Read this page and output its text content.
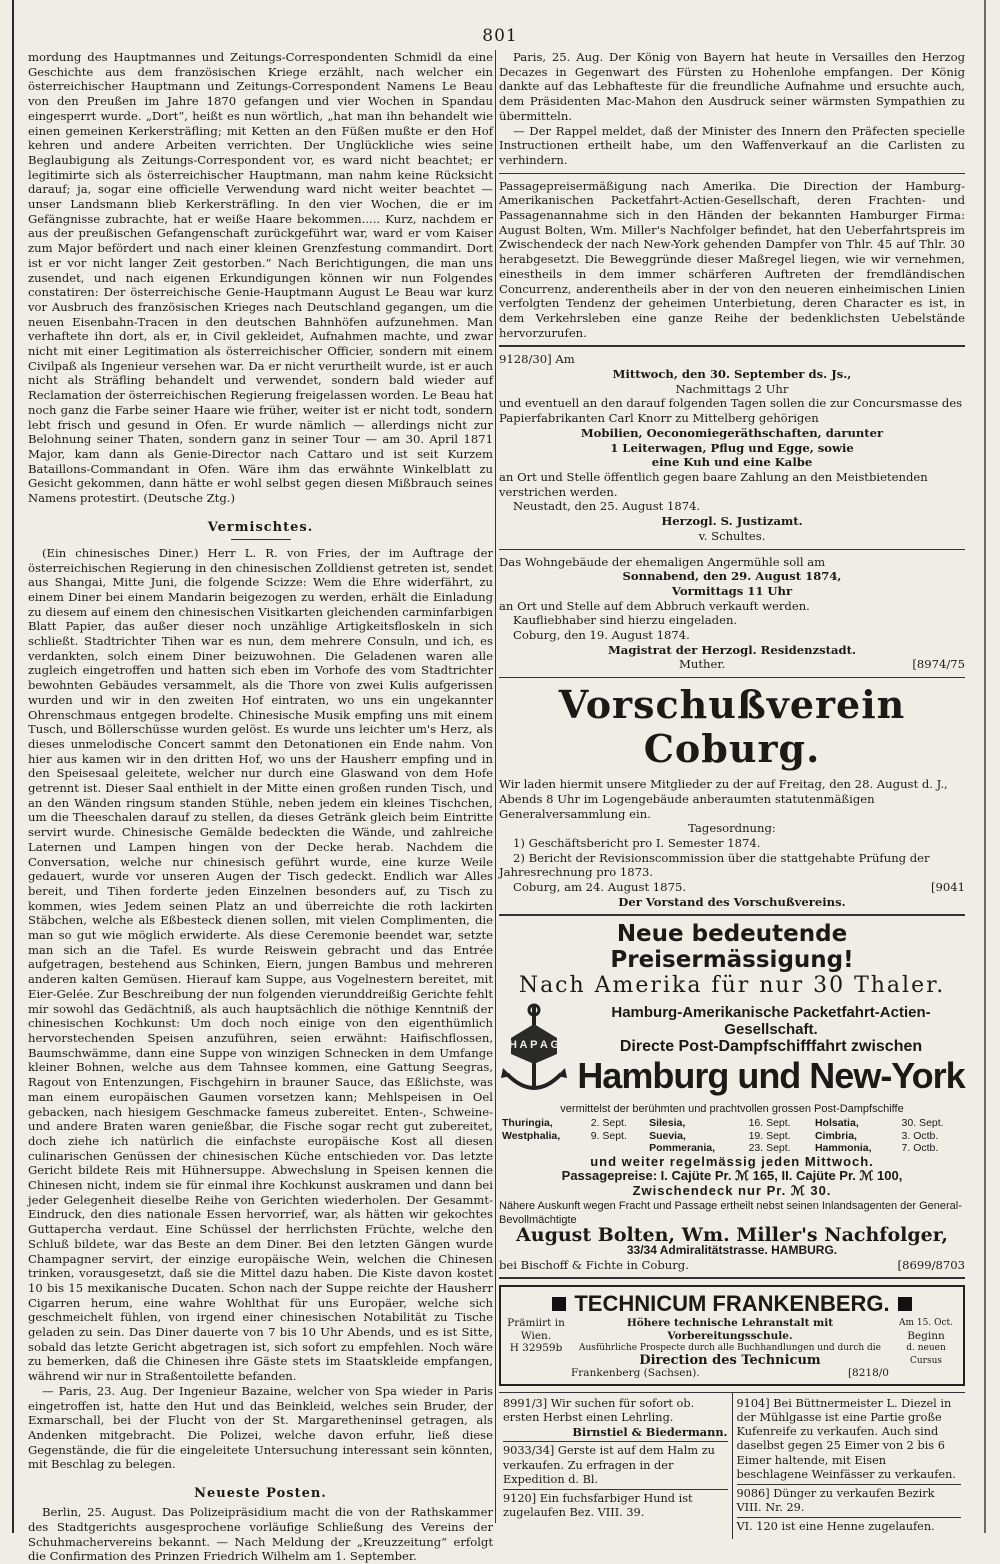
801

mordung des Hauptmannes und Zeitungs-Correspondenten Schmidl da eine Geschichte aus dem französischen Kriege erzählt, nach welcher ein österreichischer Hauptmann und Zeitungs-Correspondent Namens Le Beau von den Preußen im Jahre 1870 gefangen und vier Wochen in Spandau eingesperrt wurde. „Dort“, heißt es nun wörtlich, „hat man ihn behandelt wie einen gemeinen Kerkersträfling; mit Ketten an den Füßen mußte er den Hof kehren und andere Arbeiten verrichten. Der Unglückliche wies seine Beglaubigung als Zeitungs-Correspondent vor, es ward nicht beachtet; er legitimirte sich als österreichischer Hauptmann, man nahm keine Rücksicht darauf; ja, sogar eine officielle Verwendung ward nicht weiter beachtet — unser Landsmann blieb Kerkersträfling. In den vier Wochen, die er im Gefängnisse zubrachte, hat er weiße Haare bekommen..... Kurz, nachdem er aus der preußischen Gefangenschaft zurückgeführt war, ward er vom Kaiser zum Major befördert und nach einer kleinen Grenzfestung commandirt. Dort ist er vor nicht langer Zeit gestorben.“ Nach Berichtigungen, die man uns zusendet, und nach eigenen Erkundigungen können wir nun Folgendes constatiren: Der österreichische Genie-Hauptmann August Le Beau war kurz vor Ausbruch des französischen Krieges nach Deutschland gegangen, um die neuen Eisenbahn-Tracen in den deutschen Bahnhöfen aufzunehmen. Man verhaftete ihn dort, als er, in Civil gekleidet, Aufnahmen machte, und zwar nicht mit einer Legitimation als österreichischer Officier, sondern mit einem Civilpaß als Ingenieur versehen war. Da er nicht verurtheilt wurde, ist er auch nicht als Sträfling behandelt und verwendet, sondern bald wieder auf Reclamation der österreichischen Regierung freigelassen worden. Le Beau hat noch ganz die Farbe seiner Haare wie früher, weiter ist er nicht todt, sondern lebt frisch und gesund in Ofen. Er wurde nämlich — allerdings nicht zur Belohnung seiner Thaten, sondern ganz in seiner Tour — am 30. April 1871 Major, kam dann als Genie-Director nach Cattaro und ist seit Kurzem Bataillons-Commandant in Ofen. Wäre ihm das erwähnte Winkelblatt zu Gesicht gekommen, dann hätte er wohl selbst gegen diesen Mißbrauch seines Namens protestirt. (Deutsche Ztg.)

Vermischtes.

(Ein chinesisches Diner.) Herr L. R. von Fries, der im Auftrage der österreichischen Regierung in den chinesischen Zolldienst getreten ist, sendet aus Shangai, Mitte Juni, die folgende Scizze: Wem die Ehre widerfährt, zu einem Diner bei einem Mandarin beigezogen zu werden, erhält die Einladung zu diesem auf einem den chinesischen Visitkarten gleichenden carminfarbigen Blatt Papier, das außer dieser noch unzählige Artigkeitsfloskeln in sich schließt. Stadtrichter Tihen war es nun, dem mehrere Consuln, und ich, es verdankten, solch einem Diner beizuwohnen. Die Geladenen waren alle zugleich eingetroffen und hatten sich eben im Vorhofe des vom Stadtrichter bewohnten Gebäudes versammelt, als die Thore von zwei Kulis aufgerissen wurden und wir in den zweiten Hof eintraten, wo uns ein ungekannter Ohrenschmaus entgegen brodelte. Chinesische Musik empfing uns mit einem Tusch, und Böllerschüsse wurden gelöst. Es wurde uns leichter um's Herz, als dieses unmelodische Concert sammt den Detonationen ein Ende nahm. Von hier aus kamen wir in den dritten Hof, wo uns der Hausherr empfing und in den Speisesaal geleitete, welcher nur durch eine Glaswand von dem Hofe getrennt ist. Dieser Saal enthielt in der Mitte einen großen runden Tisch, und an den Wänden ringsum standen Stühle, neben jedem ein kleines Tischchen, um die Theeschalen darauf zu stellen, da dieses Getränk gleich beim Eintritte servirt wurde. Chinesische Gemälde bedeckten die Wände, und zahlreiche Laternen und Lampen hingen von der Decke herab. Nachdem die Conversation, welche nur chinesisch geführt wurde, eine kurze Weile gedauert, wurde vor unseren Augen der Tisch gedeckt. Endlich war Alles bereit, und Tihen forderte jeden Einzelnen besonders auf, zu Tisch zu kommen, wies Jedem seinen Platz an und überreichte die roth lackirten Stäbchen, welche als Eßbesteck dienen sollen, mit vielen Complimenten, die man so gut wie möglich erwiderte. Als diese Ceremonie beendet war, setzte man sich an die Tafel. Es wurde Reiswein gebracht und das Entrée aufgetragen, bestehend aus Schinken, Eiern, jungen Bambus und mehreren anderen kalten Gemüsen. Hierauf kam Suppe, aus Vogelnestern bereitet, mit Eier-Gelée. Zur Beschreibung der nun folgenden vierunddreißig Gerichte fehlt mir sowohl das Gedächtniß, als auch hauptsächlich die nöthige Kenntniß der chinesischen Kochkunst: Um doch noch einige von den eigenthümlich hervorstechenden Speisen anzuführen, seien erwähnt: Haifischflossen, Baumschwämme, dann eine Suppe von winzigen Schnecken in dem Umfange kleiner Bohnen, welche aus dem Tahnsee kommen, eine Gattung Seegras, Ragout von Entenzungen, Fischgehirn in brauner Sauce, das Eßlichste, was man einem europäischen Gaumen vorsetzen kann; Mehlspeisen in Oel gebacken, nach hiesigem Geschmacke fameus zubereitet. Enten-, Schweine- und andere Braten waren genießbar, die Fische sogar recht gut zubereitet, doch ziehe ich natürlich die einfachste europäische Kost all diesen culinarischen Genüssen der chinesischen Küche entschieden vor. Das letzte Gericht bildete Reis mit Hühnersuppe. Abwechslung in Speisen kennen die Chinesen nicht, indem sie für einmal ihre Kochkunst auskramen und dann bei jeder Gelegenheit dieselbe Reihe von Gerichten wiederholen. Der Gesammt-Eindruck, den dies nationale Essen hervorrief, war, als hätten wir gekochtes Guttapercha verdaut. Eine Schüssel der herrlichsten Früchte, welche den Schluß bildete, war das Beste an dem Diner. Bei den letzten Gängen wurde Champagner servirt, der einzige europäische Wein, welchen die Chinesen trinken, vorausgesetzt, daß sie die Mittel dazu haben. Die Kiste davon kostet 10 bis 15 mexikanische Ducaten. Schon nach der Suppe reichte der Hausherr Cigarren herum, eine wahre Wohlthat für uns Europäer, welche sich geschmeichelt fühlen, von irgend einer chinesischen Notabilität zu Tische geladen zu sein. Das Diner dauerte von 7 bis 10 Uhr Abends, und es ist Sitte, sobald das letzte Gericht abgetragen ist, sich sofort zu empfehlen. Noch wäre zu bemerken, daß die Chinesen ihre Gäste stets im Staatskleide empfangen, während wir nur in Straßentoilette befanden.

— Paris, 23. Aug. Der Ingenieur Bazaine, welcher von Spa wieder in Paris eingetroffen ist, hatte den Hut und das Beinkleid, welches sein Bruder, der Exmarschall, bei der Flucht von der St. Margaretheninsel getragen, als Andenken mitgebracht. Die Polizei, welche davon erfuhr, ließ diese Gegenstände, die für die eingeleitete Untersuchung interessant sein könnten, mit Beschlag zu belegen.

Neueste Posten.

Berlin, 25. August. Das Polizeipräsidium macht die von der Rathskammer des Stadtgerichts ausgesprochene vorläufige Schließung des Vereins der Schuhmachervereins bekannt. — Nach Meldung der „Kreuzzeitung“ erfolgt die Confirmation des Prinzen Friedrich Wilhelm am 1. September.

Paris, 25. Aug. Der König von Bayern hat heute in Versailles den Herzog Decazes in Gegenwart des Fürsten zu Hohenlohe empfangen. Der König dankte auf das Lebhafteste für die freundliche Aufnahme und ersuchte auch, dem Präsidenten Mac-Mahon den Ausdruck seiner wärmsten Sympathien zu übermitteln.

— Der Rappel meldet, daß der Minister des Innern den Präfecten specielle Instructionen ertheilt habe, um den Waffenverkauf an die Carlisten zu verhindern.

Passagepreisermäßigung nach Amerika. Die Direction der Hamburg-Amerikanischen Packetfahrt-Actien-Gesellschaft, deren Frachten- und Passagenannahme sich in den Händen der bekannten Hamburger Firma: August Bolten, Wm. Miller's Nachfolger befindet, hat den Ueberfahrtspreis im Zwischendeck der nach New-York gehenden Dampfer von Thlr. 45 auf Thlr. 30 herabgesetzt. Die Beweggründe dieser Maßregel liegen, wie wir vernehmen, einestheils in dem immer schärferen Auftreten der fremdländischen Concurrenz, anderentheils aber in der von den neueren einheimischen Linien verfolgten Tendenz der geheimen Unterbietung, deren Character es ist, in dem Verkehrsleben eine ganze Reihe der bedenklichsten Uebelstände hervorzurufen.

9128/30] Am

Mittwoch, den 30. September ds. Js.,

Nachmittags 2 Uhr

und eventuell an den darauf folgenden Tagen sollen die zur Concursmasse des Papierfabrikanten Carl Knorr zu Mittelberg gehörigen

Mobilien, Oeconomiegeräthschaften, darunter

1 Leiterwagen, Pflug und Egge, sowie

eine Kuh und eine Kalbe

an Ort und Stelle öffentlich gegen baare Zahlung an den Meistbietenden verstrichen werden.

Neustadt, den 25. August 1874.

Herzogl. S. Justizamt.

v. Schultes.

Das Wohngebäude der ehemaligen Angermühle soll am

Sonnabend, den 29. August 1874,

Vormittags 11 Uhr

an Ort und Stelle auf dem Abbruch verkauft werden.

Kaufliebhaber sind hierzu eingeladen.

Coburg, den 19. August 1874.

Magistrat der Herzogl. Residenzstadt.

Muther.	[8974/75

Vorschußverein Coburg.

Wir laden hiermit unsere Mitglieder zu der auf Freitag, den 28. August d. J., Abends 8 Uhr im Logengebäude anberaumten statutenmäßigen Generalversammlung ein.

Tagesordnung:

1) Geschäftsbericht pro I. Semester 1874.

2) Bericht der Revisionscommission über die stattgehabte Prüfung der Jahresrechnung pro 1873.

Coburg, am 24. August 1875.	[9041

Der Vorstand des Vorschußvereins.

Neue bedeutende Preisermässigung!
Nach Amerika für nur 30 Thaler.
H A P A G
Hamburg-Amerikanische Packetfahrt-Actien-Gesellschaft.
Directe Post-Dampfschifffahrt zwischen
Hamburg und New-York

vermittelst der berühmten und prachtvollen grossen Post-Dampfschiffe

Thuringia,	2. Sept.	Silesia,	16. Sept.	Holsatia,	30. Sept.
Westphalia,	9. Sept.	Suevia,	19. Sept.	Cimbria,	3. Octb.
		Pommerania,	23. Sept.	Hammonia,	7. Octb.

und weiter regelmässig jeden Mittwoch.

Passagepreise: I. Cajüte Pr. ℳ 165, II. Cajüte Pr. ℳ 100,

Zwischendeck nur Pr. ℳ 30.

Nähere Auskunft wegen Fracht und Passage ertheilt nebst seinen Inlandsagenten der General-Bevollmächtigte

August Bolten, Wm. Miller's Nachfolger,

33/34 Admiralitätstrasse. HAMBURG.

bei Bischoff & Fichte in Coburg.	[8699/8703

TECHNICUM FRANKENBERG.
Prämiirt in Wien.
H 32959b
Höhere technische Lehranstalt mit Vorbereitungsschule.
Ausführliche Prospecte durch alle Buchhandlungen und durch die
Direction des Technicum
Frankenberg (Sachsen).	[8218/0
Am 15. Oct.
Beginn
d. neuen Cursus
8991/3] Wir suchen für sofort ob. ersten Herbst einen Lehrling.
Birnstiel & Biedermann.
9033/34] Gerste ist auf dem Halm zu verkaufen. Zu erfragen in der Expedition d. Bl.
9120] Ein fuchsfarbiger Hund ist zugelaufen Bez. VIII. 39.
9104] Bei Büttnermeister L. Diezel in der Mühlgasse ist eine Partie große Kufenreife zu verkaufen. Auch sind daselbst gegen 25 Eimer von 2 bis 6 Eimer haltende, mit Eisen beschlagene Weinfässer zu verkaufen.
9086] Dünger zu verkaufen Bezirk VIII. Nr. 29.
VI. 120 ist eine Henne zugelaufen.
